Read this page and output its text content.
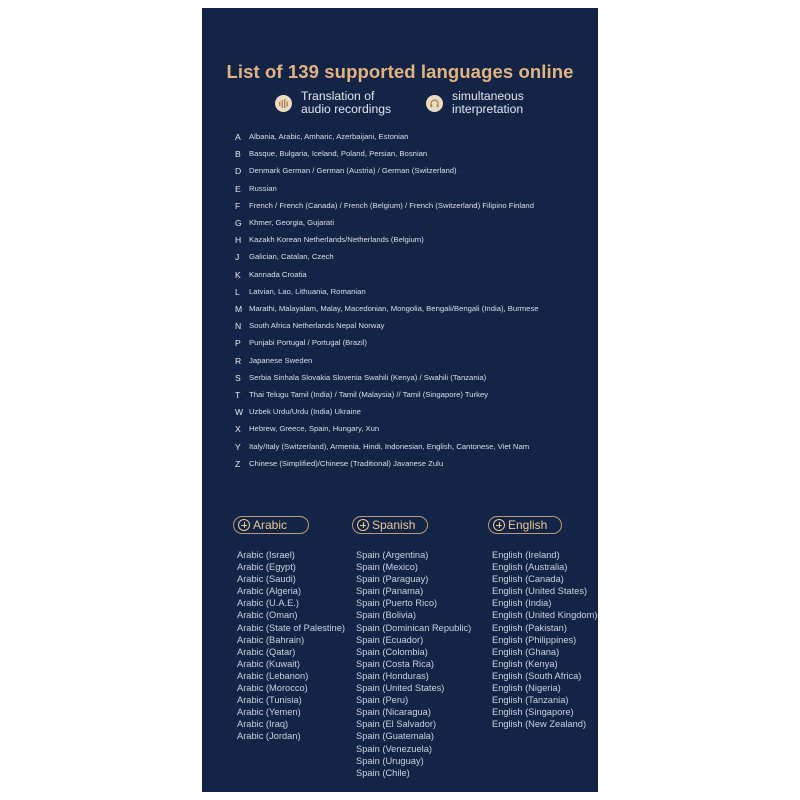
List of 139 supported languages online
Translation of
audio recordings
simultaneous
interpretation
A	Albania, Arabic, Amharic, Azerbaijani, Estonian
B	Basque, Bulgaria, Iceland, Poland, Persian, Bosnian
D	Denmark German / German (Austria) / German (Switzerland)
E	Russian
F	French / French (Canada) / French (Belgium) / French (Switzerland) Filipino Finland
G Khmer, Georgia, Gujarati
H	Kazakh Korean Netherlands/Netherlands (Belgium)
J	Galician, Catalan, Czech
K	Kannada Croatia
L	Latvian, Lao, Lithuania, Romanian
M Marathi, Malayalam, Malay, Macedonian, Mongolia, Bengali/Bengali (India), Burmese
N	South Africa Netherlands Nepal Norway
P	Punjabi Portugal / Portugal (Brazil)
R	Japanese Sweden
S	Serbia Sinhala Slovakia Slovenia Swahili (Kenya) / Swahili (Tanzania)
T	Thai Telugu Tamil (India) / Tamil (Malaysia) // Tamil (Singapore) Turkey
W Uzbek Urdu/Urdu (India) Ukraine
X	Hebrew, Greece, Spain, Hungary, Xun
Y	Italy/Italy (Switzerland), Armenia, Hindi, Indonesian, English, Cantonese, Viet Nam
Z	Chinese (Simplified)/Chinese (Traditional) Javanese Zulu
Arabic
Arabic (Israel)
Arabic (Egypt)
Arabic (Saudi)
Arabic (Algeria)
Arabic (U.A.E.)
Arabic (Oman)
Arabic (State of Palestine)
Arabic (Bahrain)
Arabic (Qatar)
Arabic (Kuwait)
Arabic (Lebanon)
Arabic (Morocco)
Arabic (Tunisia)
Arabic (Yemen)
Arabic (Iraq)
Arabic (Jordan)
Spanish
Spain (Argentina)
Spain (Mexico)
Spain (Paraguay)
Spain (Panama)
Spain (Puerto Rico)
Spain (Bolivia)
Spain (Dominican Republic)
Spain (Ecuador)
Spain (Colombia)
Spain (Costa Rica)
Spain (Honduras)
Spain (United States)
Spain (Peru)
Spain (Nicaragua)
Spain (El Salvador)
Spain (Guatemala)
Spain (Venezuela)
Spain (Uruguay)
Spain (Chile)
English
English (Ireland)
English (Australia)
English (Canada)
English (United States)
English (India)
English (United Kingdom)
English (Pakistan)
English (Philippines)
English (Ghana)
English (Kenya)
English (South Africa)
English (Nigeria)
English (Tanzania)
English (Singapore)
English (New Zealand)
